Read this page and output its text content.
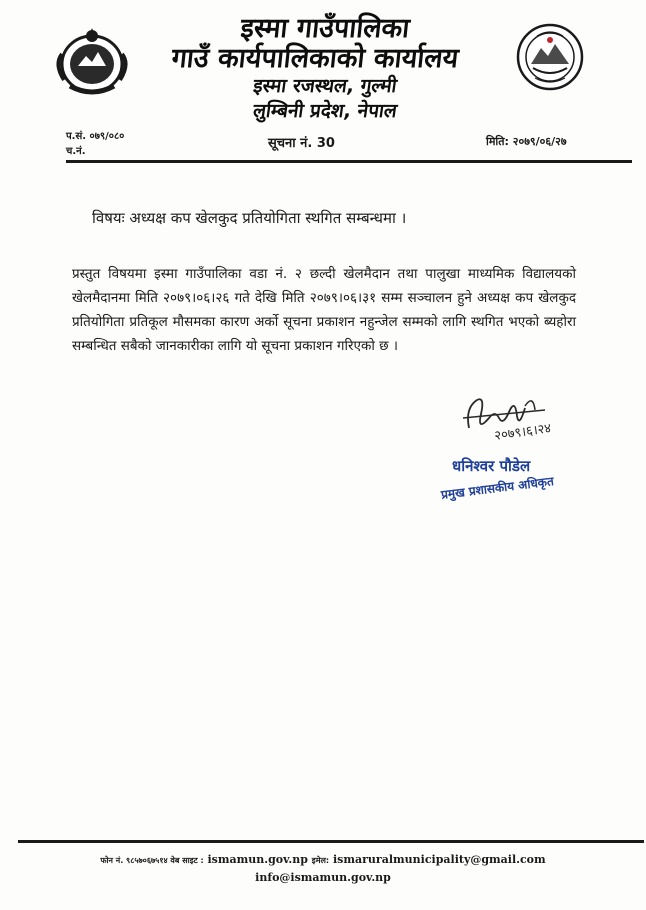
इस्मा गाउँपालिका
गाउँ कार्यपालिकाको कार्यालय
इस्मा रजस्थल, गुल्मी
लुम्बिनी प्रदेश, नेपाल
प.सं. ०७९/०८०
च.नं.
सूचना नं. 30	मिति: २०७९/०६/२७
विषयः अध्यक्ष कप खेलकुद प्रतियोगिता स्थगित सम्बन्धमा ।
प्रस्तुत विषयमा इस्मा गाउँपालिका वडा नं. २ छल्दी खेलमैदान तथा पालुखा माध्यमिक विद्यालयको खेलमैदानमा मिति २०७९।०६।२६ गते देखि मिति २०७९।०६।३१ सम्म सञ्चालन हुने अध्यक्ष कप खेलकुद प्रतियोगिता प्रतिकूल मौसमका कारण अर्को सूचना प्रकाशन नहुन्जेल सम्मको लागि स्थगित भएको ब्यहोरा सम्बन्धित सबैको जानकारीका लागि यो सूचना प्रकाशन गरिएको छ ।
२०७९।६।२४
धनिश्वर पौडेल
प्रमुख प्रशासकीय अधिकृत
फोन नं. ९८५७०६७५१४ वेब साइट : ismamun.gov.np इमेल: ismaruralmunicipality@gmail.com
info@ismamun.gov.np
